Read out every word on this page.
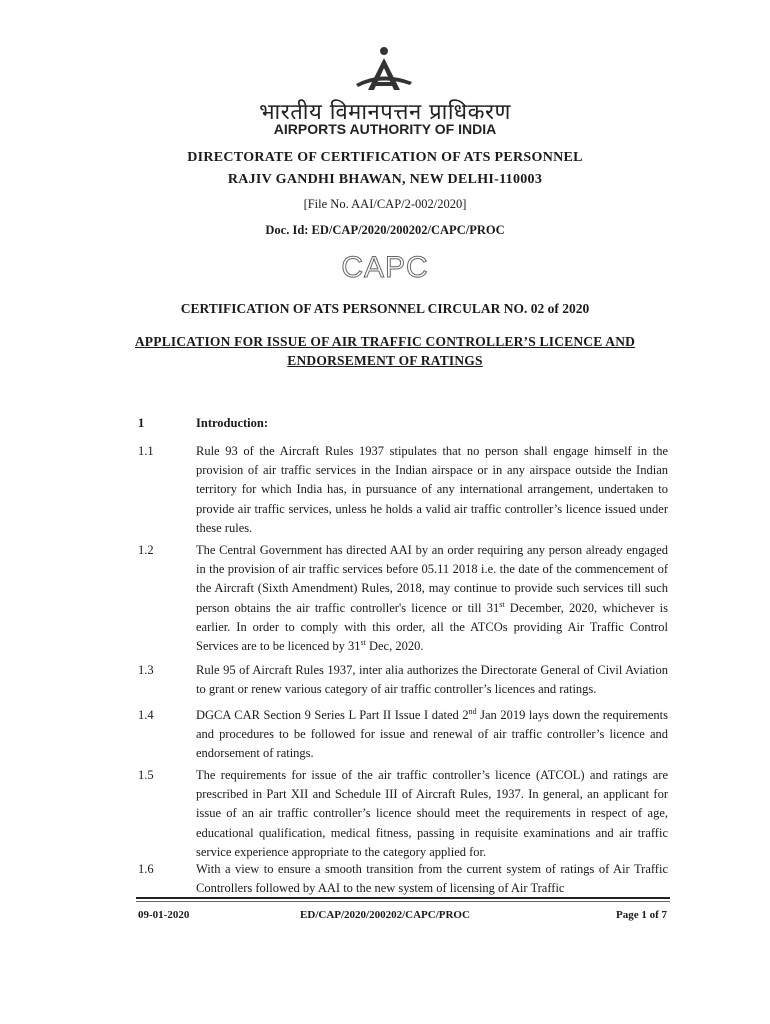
भारतीय विमानपत्तन प्राधिकरण
AIRPORTS AUTHORITY OF INDIA
DIRECTORATE OF CERTIFICATION OF ATS PERSONNEL
RAJIV GANDHI BHAWAN, NEW DELHI-110003
[File No. AAI/CAP/2-002/2020]
Doc. Id: ED/CAP/2020/200202/CAPC/PROC
CAPC
CERTIFICATION OF ATS PERSONNEL CIRCULAR NO. 02 of 2020
APPLICATION FOR ISSUE OF AIR TRAFFIC CONTROLLER’S LICENCE AND
ENDORSEMENT OF RATINGS
1	Introduction:
1.1	Rule 93 of the Aircraft Rules 1937 stipulates that no person shall engage himself in the provision of air traffic services in the Indian airspace or in any airspace outside the Indian territory for which India has, in pursuance of any international arrangement, undertaken to provide air traffic services, unless he holds a valid air traffic controller’s licence issued under these rules.
1.2	The Central Government has directed AAI by an order requiring any person already engaged in the provision of air traffic services before 05.11 2018 i.e. the date of the commencement of the Aircraft (Sixth Amendment) Rules, 2018, may continue to provide such services till such person obtains the air traffic controller's licence or till 31st December, 2020, whichever is earlier. In order to comply with this order, all the ATCOs providing Air Traffic Control Services are to be licenced by 31st Dec, 2020.
1.3	Rule 95 of Aircraft Rules 1937, inter alia authorizes the Directorate General of Civil Aviation to grant or renew various category of air traffic controller’s licences and ratings.
1.4	DGCA CAR Section 9 Series L Part II Issue I dated 2nd Jan 2019 lays down the requirements and procedures to be followed for issue and renewal of air traffic controller’s licence and endorsement of ratings.
1.5	The requirements for issue of the air traffic controller’s licence (ATCOL) and ratings are prescribed in Part XII and Schedule III of Aircraft Rules, 1937. In general, an applicant for issue of an air traffic controller’s licence should meet the requirements in respect of age, educational qualification, medical fitness, passing in requisite examinations and air traffic service experience appropriate to the category applied for.
1.6	With a view to ensure a smooth transition from the current system of ratings of Air Traffic Controllers followed by AAI to the new system of licensing of Air Traffic
09-01-2020	ED/CAP/2020/200202/CAPC/PROC	Page 1 of 7
